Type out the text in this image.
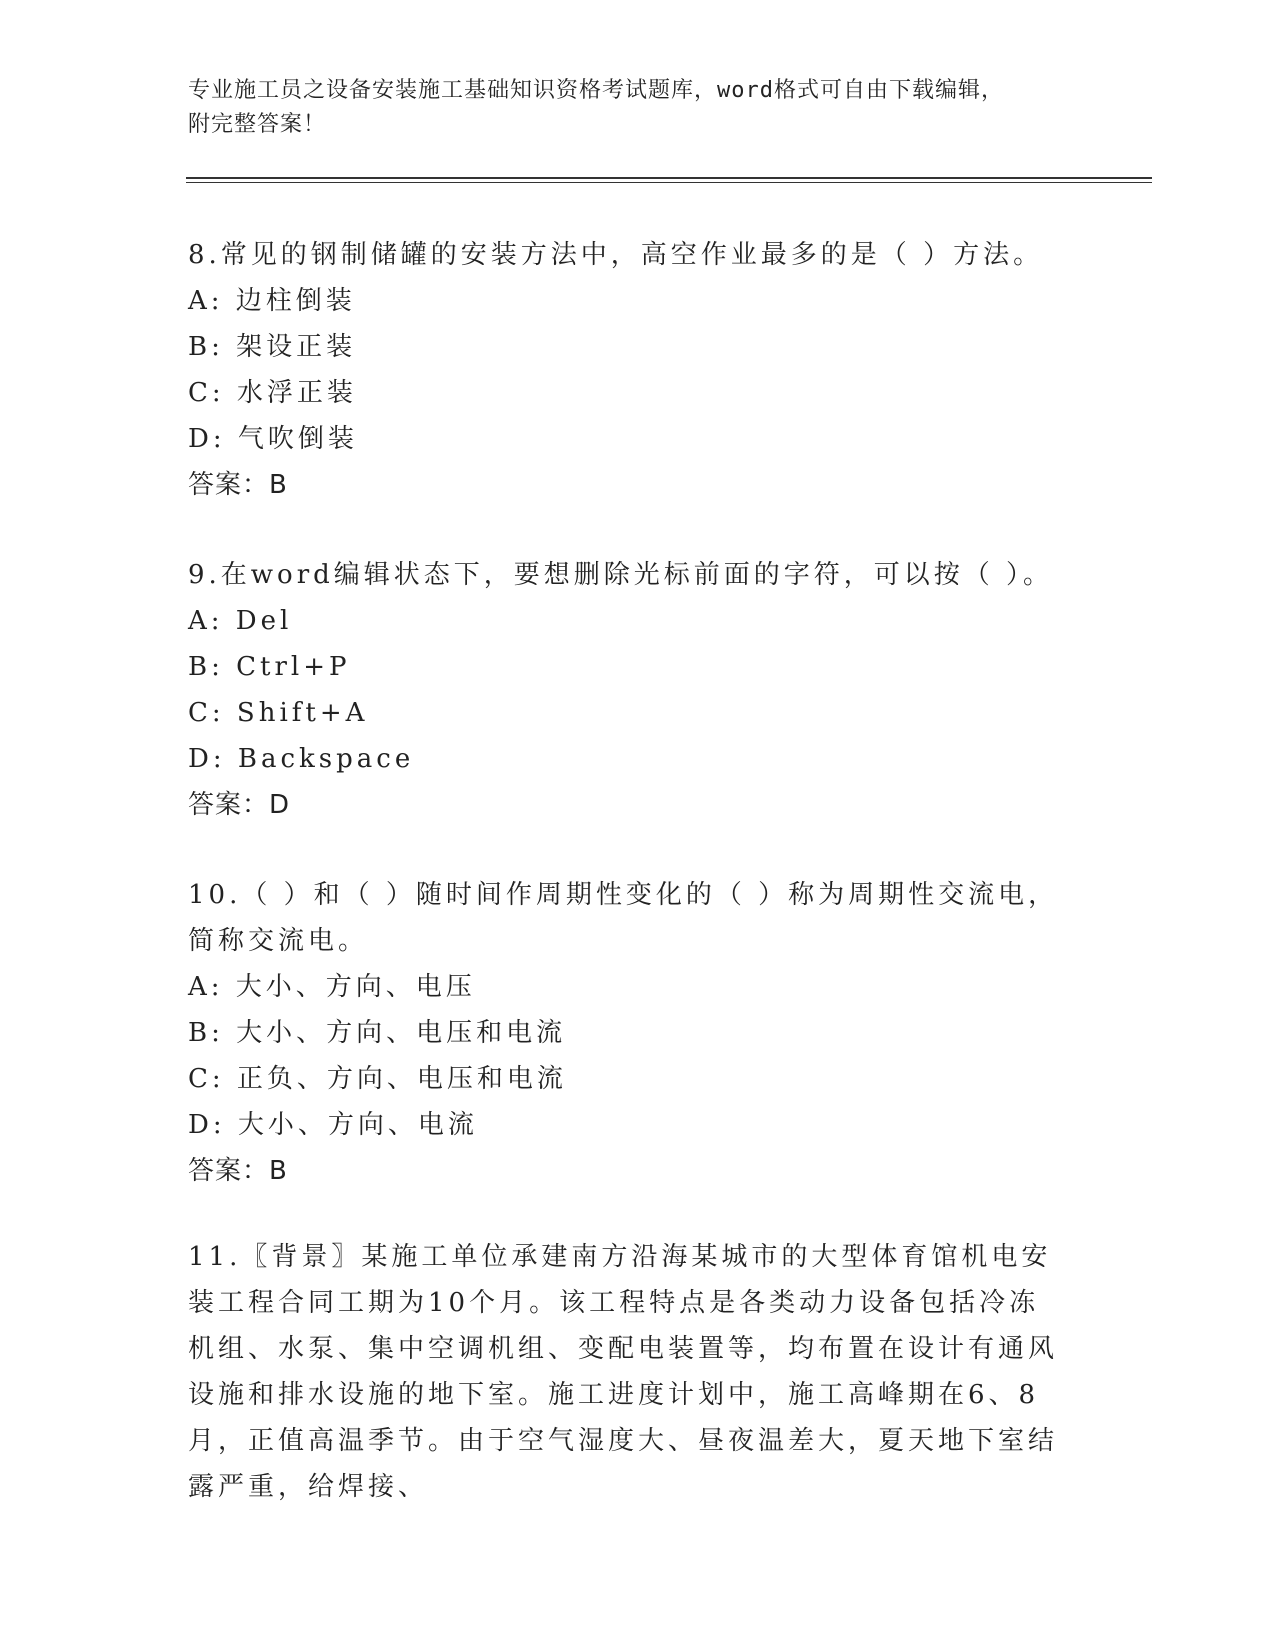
专业施工员之设备安装施工基础知识资格考试题库，word格式可自由下载编辑，
附完整答案！
8.常见的钢制储罐的安装方法中，高空作业最多的是（ ）方法。
A: 边柱倒装
B: 架设正装
C: 水浮正装
D: 气吹倒装
答案：B
9.在word编辑状态下，要想删除光标前面的字符，可以按（ ）。
A: Del
B: Ctrl+P
C: Shift+A
D: Backspace
答案：D
10.（ ）和（ ）随时间作周期性变化的（ ）称为周期性交流电，简称交流电。
A: 大小、方向、电压
B: 大小、方向、电压和电流
C: 正负、方向、电压和电流
D: 大小、方向、电流
答案：B
11.〖背景〗某施工单位承建南方沿海某城市的大型体育馆机电安装工程合同工期为10个月。该工程特点是各类动力设备包括冷冻机组、水泵、集中空调机组、变配电装置等，均布置在设计有通风设施和排水设施的地下室。施工进度计划中，施工高峰期在6、8月，正值高温季节。由于空气湿度大、昼夜温差大，夏天地下室结露严重，给焊接、
